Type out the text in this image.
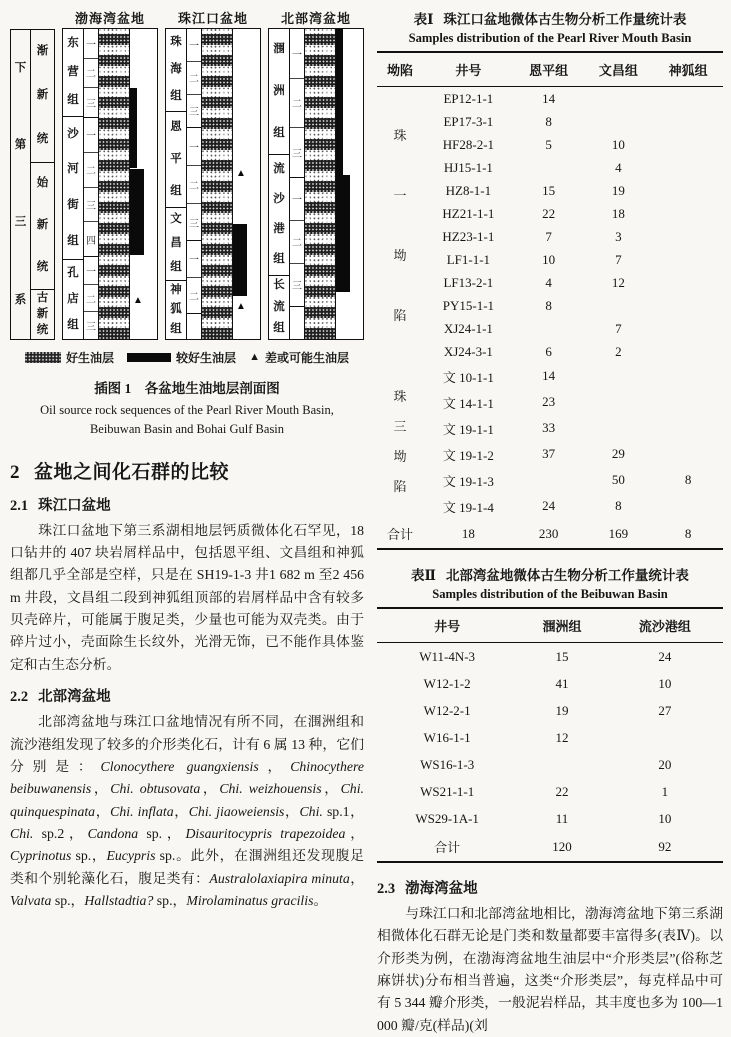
下
第
三
系
渐
新
统
始
新
统
古
新
统
渤海湾盆地
东
营
组
沙
河
街
组
孔
店
组
一
二
三
一
二
三
四
一
二
三
▲
珠江口盆地
珠
海
组
恩
平
组
文
昌
组
神
狐
组
一
二
三
一
二
三
一
二
▲
▲
北部湾盆地
涠
洲
组
流
沙
港
组
长
流
组
一
二
三
一
二
三
好生油层	较好生油层 ▲ 差或可能生油层
插图 1　各盆地生油地层剖面图
Oil source rock sequences of the Pearl River Mouth Basin,
Beibuwan Basin and Bohai Gulf Basin
2 盆地之间化石群的比较
2.1 珠江口盆地

珠江口盆地下第三系湖相地层钙质微体化石罕见，18 口钻井的 407 块岩屑样品中，包括恩平组、文昌组和神狐组都几乎全部是空样，只是在 SH19-1-3 井1 682 m 至2 456 m 井段，文昌组二段到神狐组顶部的岩屑样品中含有较多贝壳碎片，可能属于腹足类，少量也可能为双壳类。由于碎片过小，壳面除生长纹外，光滑无饰，已不能作具体鉴定和古生态分析。

2.2 北部湾盆地

北部湾盆地与珠江口盆地情况有所不同，在涠洲组和流沙港组发现了较多的介形类化石，计有 6 属 13 种，它们分别是：Clonocythere guangxiensis，Chinocythere beibuwanensis，Chi. obtusovata，Chi. weizhouensis，Chi. quinquespinata，Chi. inflata，Chi. jiaoweiensis，Chi. sp.1，Chi. sp.2，Candona sp.，Disauritocypris trapezoidea，Cyprinotus sp.，Eucypris sp.。此外，在涠洲组还发现腹足类和个别轮藻化石，腹足类有：Australolaxiapira minuta，Valvata sp.，Hallstadtia? sp.，Mirolaminatus gracilis。

表Ⅰ 珠江口盆地微体古生物分析工作量统计表
Samples distribution of the Pearl River Mouth Basin
坳陷	井号	恩平组	文昌组	神狐组

珠
一
坳
陷	EP12-1-1	14		
	EP17-3-1	8		
	HF28-2-1	5	10	
	HJ15-1-1		4	
	HZ8-1-1	15	19	
	HZ21-1-1	22	18	
	HZ23-1-1	7	3	
	LF1-1-1	10	7	
	LF13-2-1	4	12	
	PY15-1-1	8		
	XJ24-1-1		7	
	XJ24-3-1	6	2	

珠
三
坳
陷	文 10-1-1	14		
	文 14-1-1	23		
	文 19-1-1	33		
	文 19-1-2	37	29	
	文 19-1-3		50	8
	文 19-1-4	24	8	
合计	18	230	169	8
表Ⅱ 北部湾盆地微体古生物分析工作量统计表
Samples distribution of the Beibuwan Basin
井号	涠洲组	流沙港组
W11-4N-3	15	24
W12-1-2	41	10
W12-2-1	19	27
W16-1-1	12	
WS16-1-3		20
WS21-1-1	22	1
WS29-1A-1	11	10
合计	120	92
2.3 渤海湾盆地

与珠江口和北部湾盆地相比，渤海湾盆地下第三系湖相微体化石群无论是门类和数量都要丰富得多(表Ⅳ)。以介形类为例，在渤海湾盆地生油层中“介形类层”(俗称芝麻饼状)分布相当普遍，这类“介形类层”，每克样品中可有 5 344 瓣介形类，一般泥岩样品，其丰度也多为 100—1 000 瓣/克(样品)(刘
